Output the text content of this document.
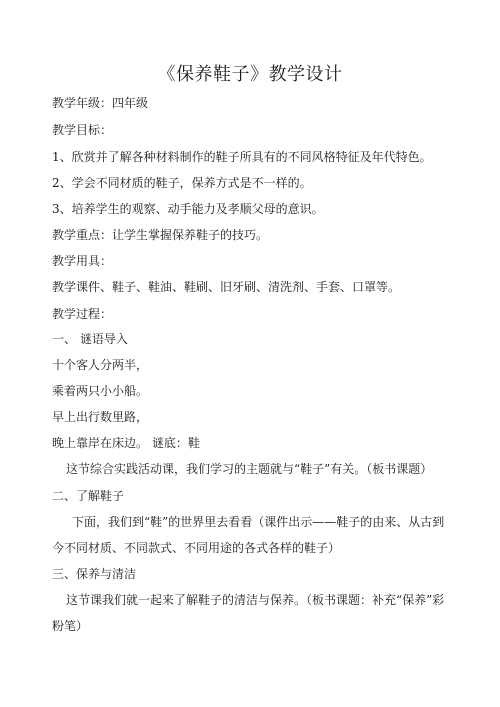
《保养鞋子》教学设计
教学年级：四年级
教学目标：
1、欣赏并了解各种材料制作的鞋子所具有的不同风格特征及年代特色。
2、学会不同材质的鞋子，保养方式是不一样的。
3、培养学生的观察、动手能力及孝顺父母的意识。
教学重点：让学生掌握保养鞋子的技巧。
教学用具：
教学课件、鞋子、鞋油、鞋刷、旧牙刷、清洗剂、手套、口罩等。
教学过程：
一、 谜语导入
十个客人分两半，
乘着两只小小船。
早上出行数里路，
晚上靠岸在床边。 谜底：鞋
这节综合实践活动课，我们学习的主题就与“鞋子”有关。（板书课题）
二、了解鞋子
下面，我们到“鞋”的世界里去看看（课件出示——鞋子的由来、从古到
今不同材质、不同款式、不同用途的各式各样的鞋子）
三、保养与清洁
这节课我们就一起来了解鞋子的清洁与保养。（板书课题：补充“保养”彩
粉笔）
